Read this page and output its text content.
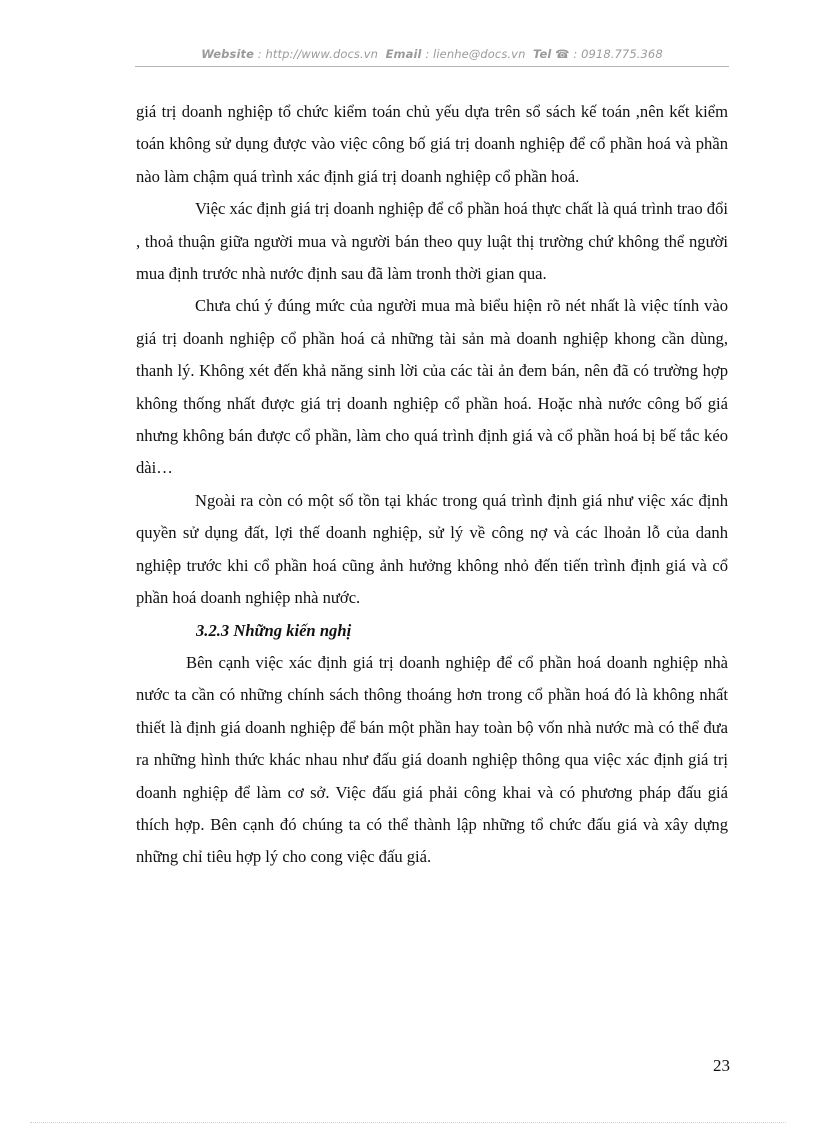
Website : http://www.docs.vn Email : lienhe@docs.vn Tel ☎ : 0918.775.368

giá trị doanh nghiệp tổ chức kiểm toán chủ yếu dựa trên sổ sách kế toán ,nên kết kiểm toán không sử dụng được vào việc công bố giá trị doanh nghiệp để cổ phần hoá và phần nào làm chậm quá trình xác định giá trị doanh nghiệp cổ phần hoá.

Việc xác định giá trị doanh nghiệp để cổ phần hoá thực chất là quá trình trao đổi , thoả thuận giữa người mua và người bán theo quy luật thị trường chứ không thể người mua định trước nhà nước định sau đã làm tronh thời gian qua.

Chưa chú ý đúng mức của người mua mà biểu hiện rõ nét nhất là việc tính vào giá trị doanh nghiệp cổ phần hoá cả những tài sản mà doanh nghiệp khong cần dùng, thanh lý. Không xét đến khả năng sinh lời của các tài ản đem bán, nên đã có trường hợp không thống nhất được giá trị doanh nghiệp cổ phần hoá. Hoặc nhà nước công bố giá nhưng không bán được cổ phần, làm cho quá trình định giá và cổ phần hoá bị bế tắc kéo dài…

Ngoài ra còn có một số tồn tại khác trong quá trình định giá như việc xác định quyền sử dụng đất, lợi thế doanh nghiệp, sử lý về công nợ và các lhoản lỗ của danh nghiệp trước khi cổ phần hoá cũng ảnh hưởng không nhỏ đến tiến trình định giá và cổ phần hoá doanh nghiệp nhà nước.

3.2.3 Những kiến nghị

Bên cạnh việc xác định giá trị doanh nghiệp để cổ phần hoá doanh nghiệp nhà nước ta cần có những chính sách thông thoáng hơn trong cổ phần hoá đó là không nhất thiết là định giá doanh nghiệp để bán một phần hay toàn bộ vốn nhà nước mà có thể đưa ra những hình thức khác nhau như đấu giá doanh nghiệp thông qua việc xác định giá trị doanh nghiệp để làm cơ sở. Việc đấu giá phải công khai và có phương pháp đấu giá thích hợp. Bên cạnh đó chúng ta có thể thành lập những tổ chức đấu giá và xây dựng những chỉ tiêu hợp lý cho cong việc đấu giá.

23
